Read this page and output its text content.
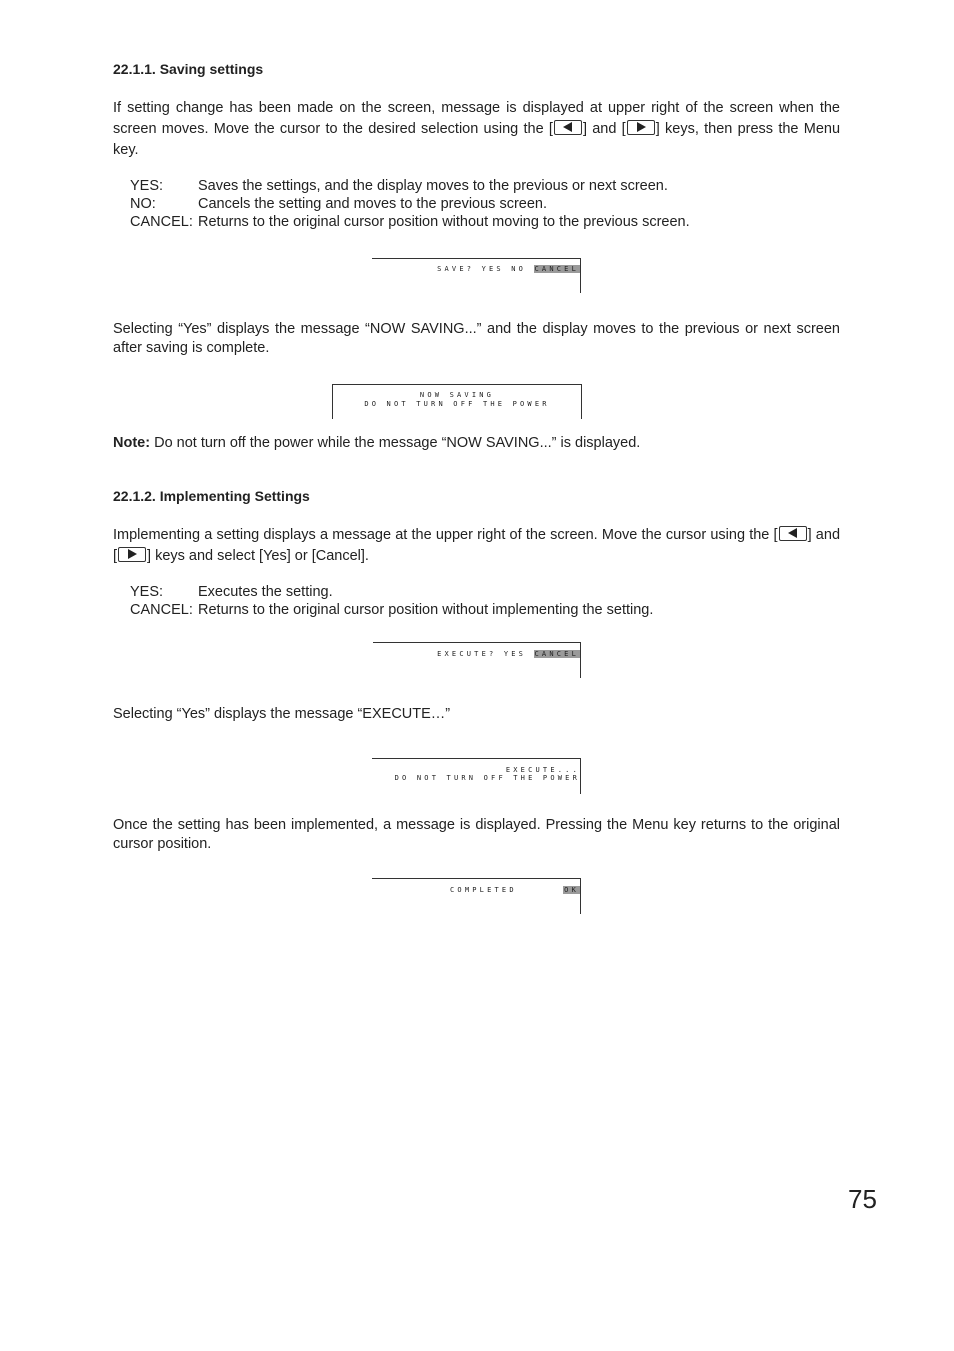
22.1.1. Saving settings

If setting change has been made on the screen, message is displayed at upper right of the screen when the screen moves. Move the cursor to the desired selection using the [ ] and [ ] keys, then press the Menu key.

YES:	Saves the settings, and the display moves to the previous or next screen.
NO:	Cancels the setting and moves to the previous screen.
CANCEL: Returns to the original cursor position without moving to the previous screen.
SAVE? YES NO CANCEL

Selecting “Yes” displays the message “NOW SAVING...” and the display moves to the previous or next screen after saving is complete.

NOW SAVING
DO NOT TURN OFF THE POWER

Note: Do not turn off the power while the message “NOW SAVING...” is displayed.

22.1.2. Implementing Settings

Implementing a setting displays a message at the upper right of the screen. Move the cursor using the [ ] and [ ] keys and select [Yes] or [Cancel].

YES:	Executes the setting.
CANCEL: Returns to the original cursor position without implementing the setting.
EXECUTE? YES CANCEL

Selecting “Yes” displays the message “EXECUTE…”

EXECUTE...
DO NOT TURN OFF THE POWER

Once the setting has been implemented, a message is displayed. Pressing the Menu key returns to the original cursor position.

COMPLETED	OK
75
